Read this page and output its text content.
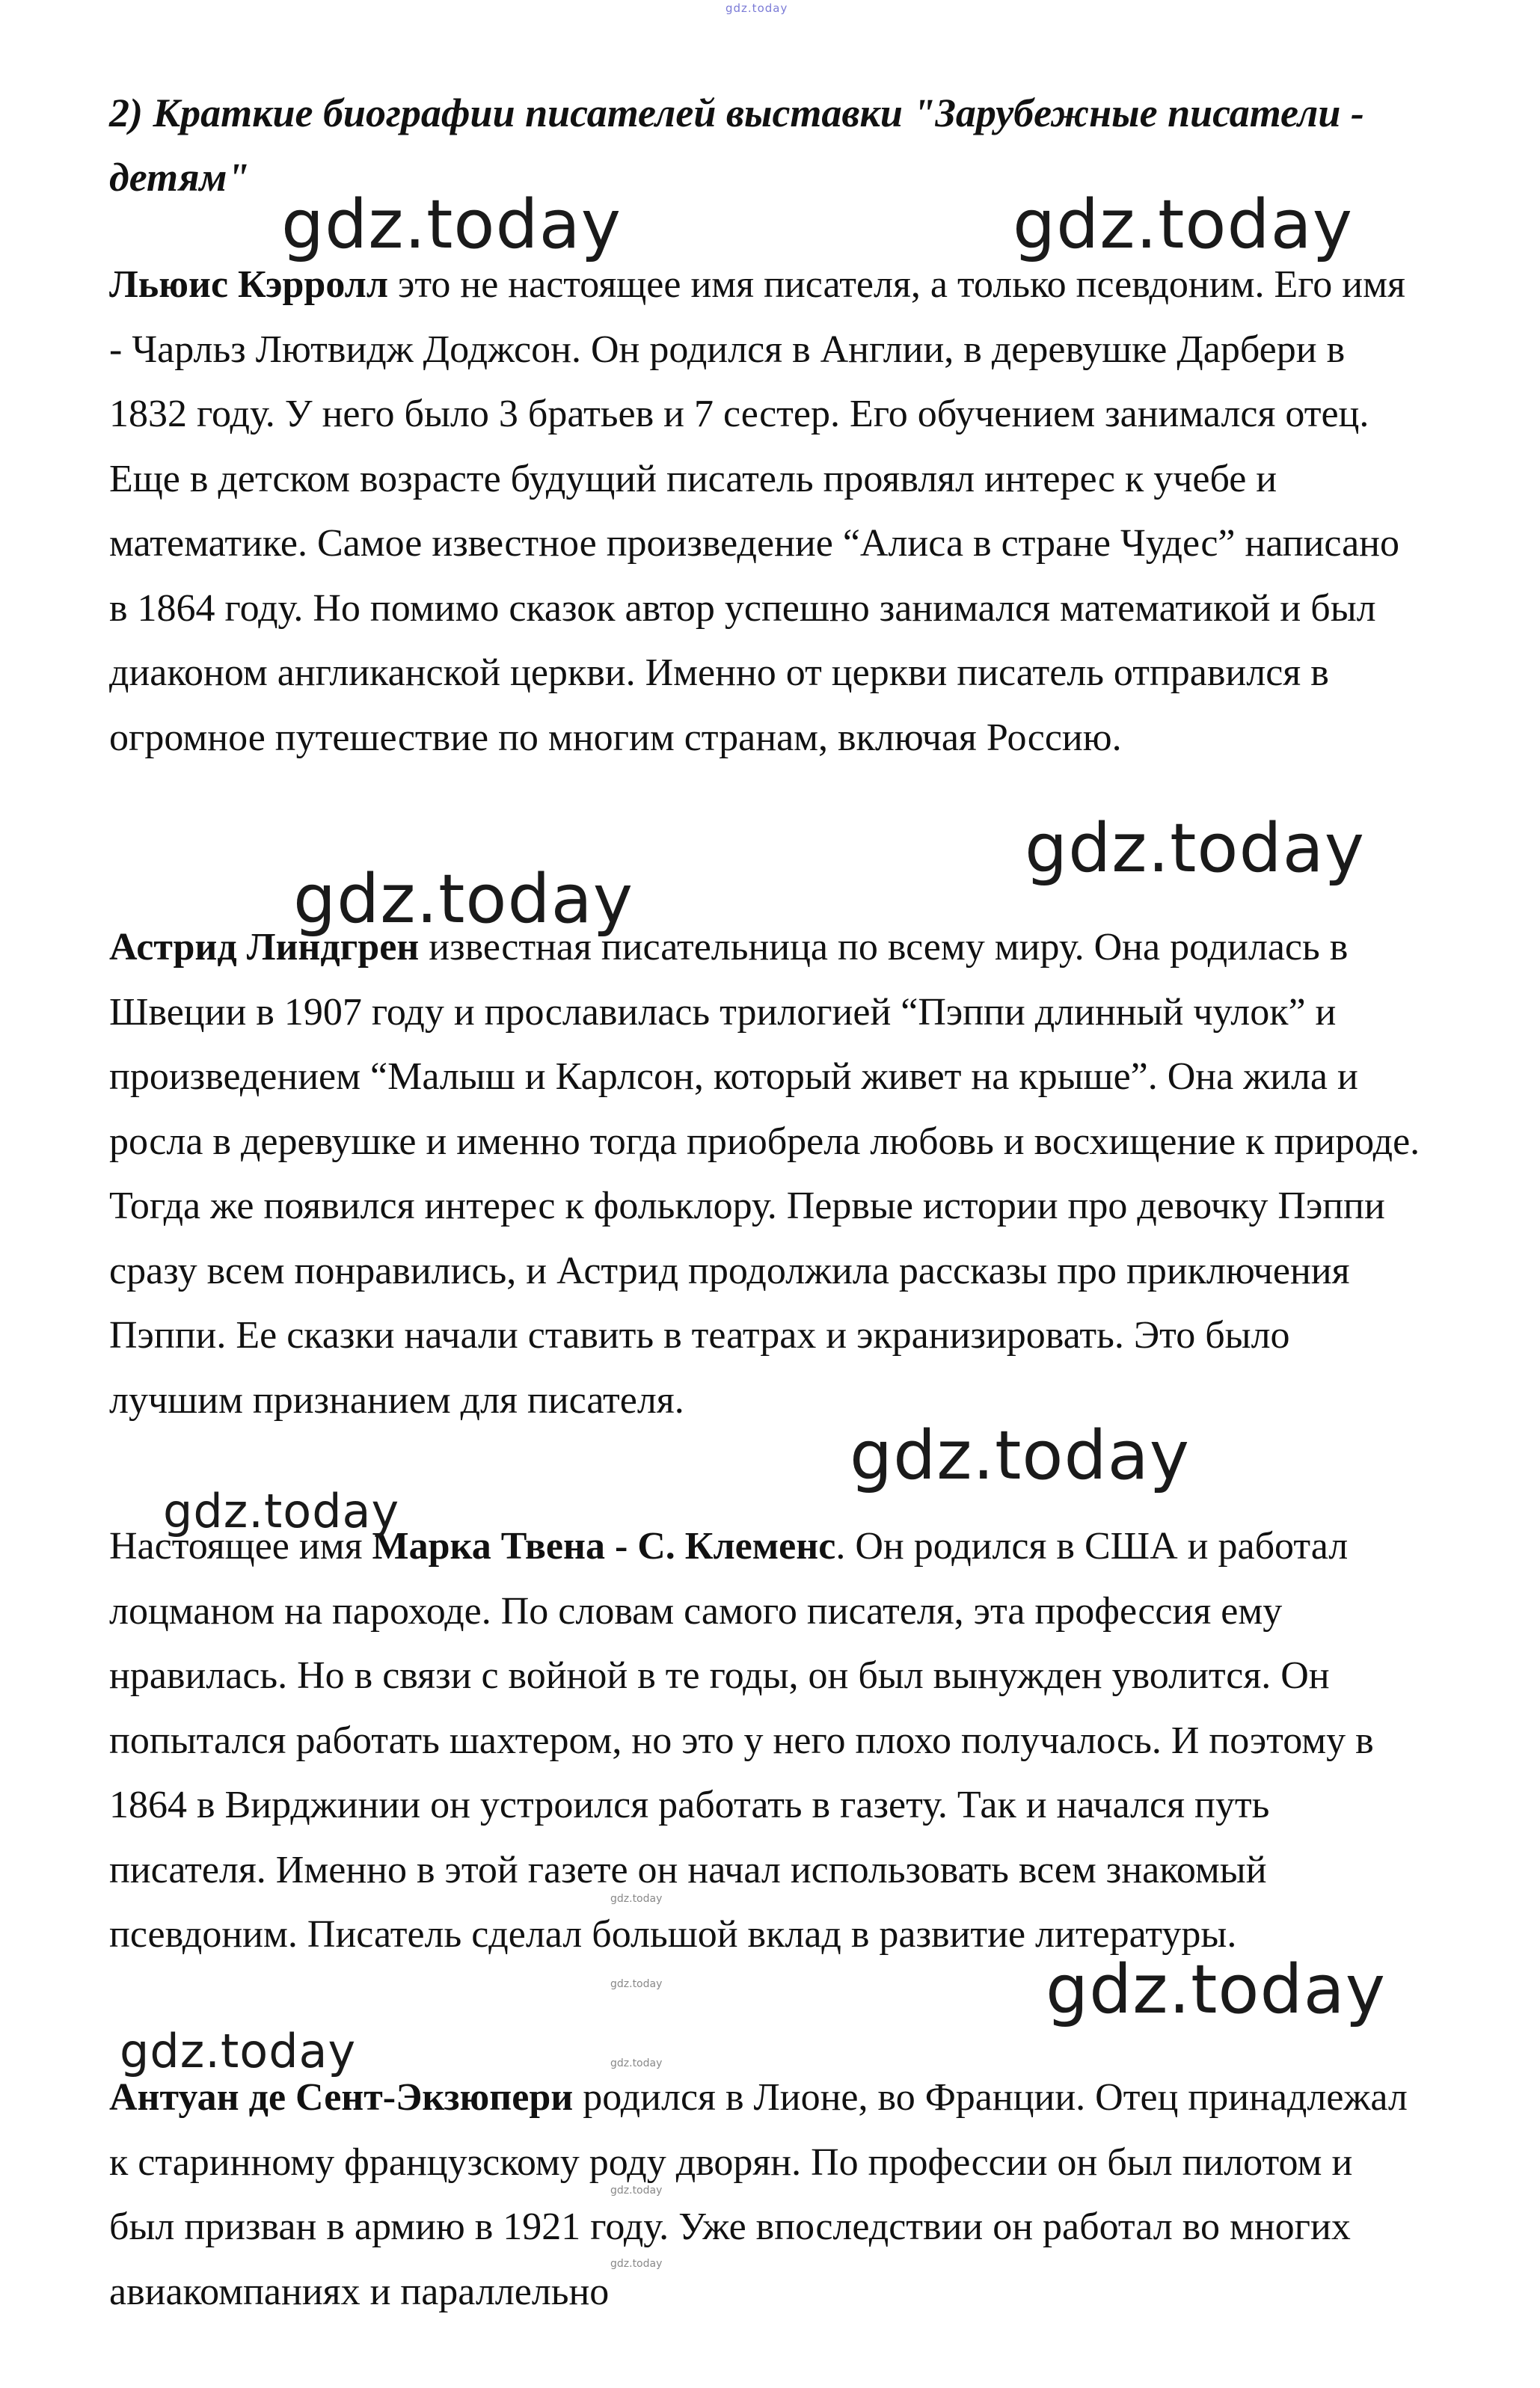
gdz.today
2) Краткие биографии писателей выставки "Зарубежные писатели - детям"

Льюис Кэрролл это не настоящее имя писателя, а только псевдоним. Его имя - Чарльз Лютвидж Доджсон. Он родился в Англии, в деревушке Дарбери в 1832 году. У него было 3 братьев и 7 сестер. Его обучением занимался отец. Еще в детском возрасте будущий писатель проявлял интерес к учебе и математике. Самое известное произведение “Алиса в стране Чудес” написано в 1864 году. Но помимо сказок автор успешно занимался математикой и был диаконом англиканской церкви. Именно от церкви писатель отправился в огромное путешествие по многим странам, включая Россию.

Астрид Линдгрен известная писательница по всему миру. Она родилась в Швеции в 1907 году и прославилась трилогией “Пэппи длинный чулок” и произведением “Малыш и Карлсон, который живет на крыше”. Она жила и росла в деревушке и именно тогда приобрела любовь и восхищение к природе. Тогда же появился интерес к фольклору. Первые истории про девочку Пэппи сразу всем понравились, и Астрид продолжила рассказы про приключения Пэппи. Ее сказки начали ставить в театрах и экранизировать. Это было лучшим признанием для писателя.

Настоящее имя Марка Твена - С. Клеменс. Он родился в США и работал лоцманом на пароходе. По словам самого писателя, эта профессия ему нравилась. Но в связи с войной в те годы, он был вынужден уволится. Он попытался работать шахтером, но это у него плохо получалось. И поэтому в 1864 в Вирджинии он устроился работать в газету. Так и начался путь писателя. Именно в этой газете он начал использовать всем знакомый псевдоним. Писатель сделал большой вклад в развитие литературы.

Антуан де Сент-Экзюпери родился в Лионе, во Франции. Отец принадлежал к старинному французскому роду дворян. По профессии он был пилотом и был призван в армию в 1921 году. Уже впоследствии он работал во многих авиакомпаниях и параллельно

gdz.today	gdz.today
gdz.today
gdz.today
gdz.today
gdz.today
gdz.today
gdz.today
gdz.today
gdz.today
gdz.today
gdz.today
gdz.today
